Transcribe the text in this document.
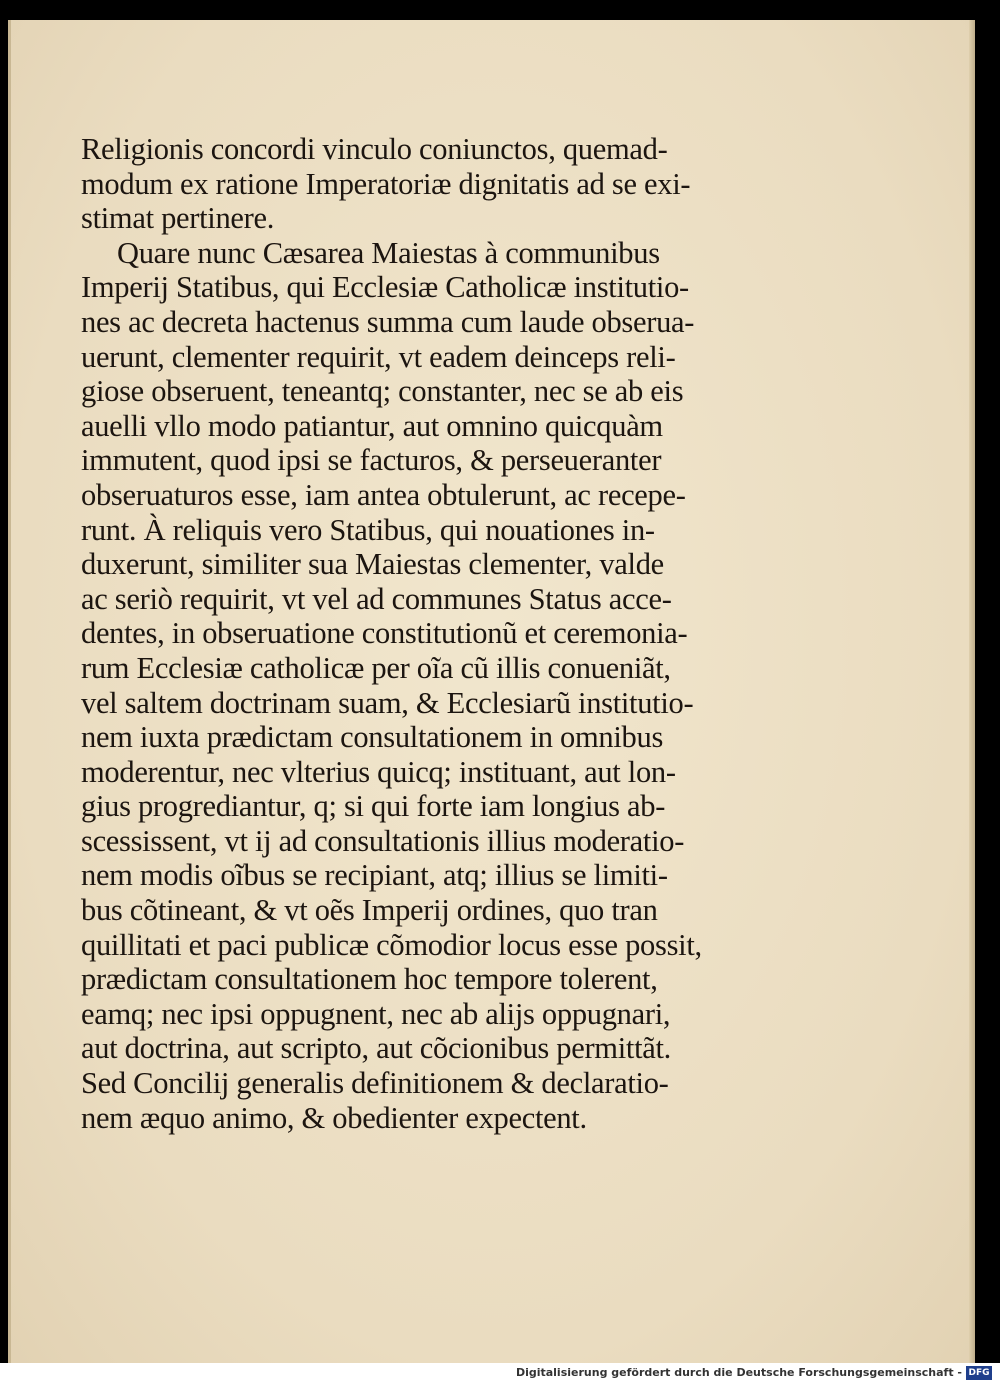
Religionis concordi vinculo coniunctos, quemad-
modum ex ratione Imperatoriæ dignitatis ad se exi-
stimat pertinere.
Quare nunc Cæsarea Maiestas à communibus
Imperij Statibus, qui Ecclesiæ Catholicæ institutio-
nes ac decreta hactenus summa cum laude obserua-
uerunt, clementer requirit, vt eadem deinceps reli-
giose obseruent, teneantq; constanter, nec se ab eis
auelli vllo modo patiantur, aut omnino quicquàm
immutent, quod ipsi se facturos, & perseueranter
obseruaturos esse, iam antea obtulerunt, ac recepe-
runt. À reliquis vero Statibus, qui nouationes in-
duxerunt, similiter sua Maiestas clementer, valde
ac seriò requirit, vt vel ad communes Status acce-
dentes, in obseruatione constitutionũ et ceremonia-
rum Ecclesiæ catholicæ per oĩa cũ illis conueniãt,
vel saltem doctrinam suam, & Ecclesiarũ institutio-
nem iuxta prædictam consultationem in omnibus
moderentur, nec vlterius quicq; instituant, aut lon-
gius progrediantur, q; si qui forte iam longius ab-
scessissent, vt ij ad consultationis illius moderatio-
nem modis oĩbus se recipiant, atq; illius se limiti-
bus cõtineant, & vt oẽs Imperij ordines, quo tran
quillitati et paci publicæ cõmodior locus esse possit,
prædictam consultationem hoc tempore tolerent,
eamq; nec ipsi oppugnent, nec ab alijs oppugnari,
aut doctrina, aut scripto, aut cõcionibus permittãt.
Sed Concilij generalis definitionem & declaratio-
nem æquo animo, & obedienter expectent.
Digitalisierung gefördert durch die Deutsche Forschungsgemeinschaft - DFG
